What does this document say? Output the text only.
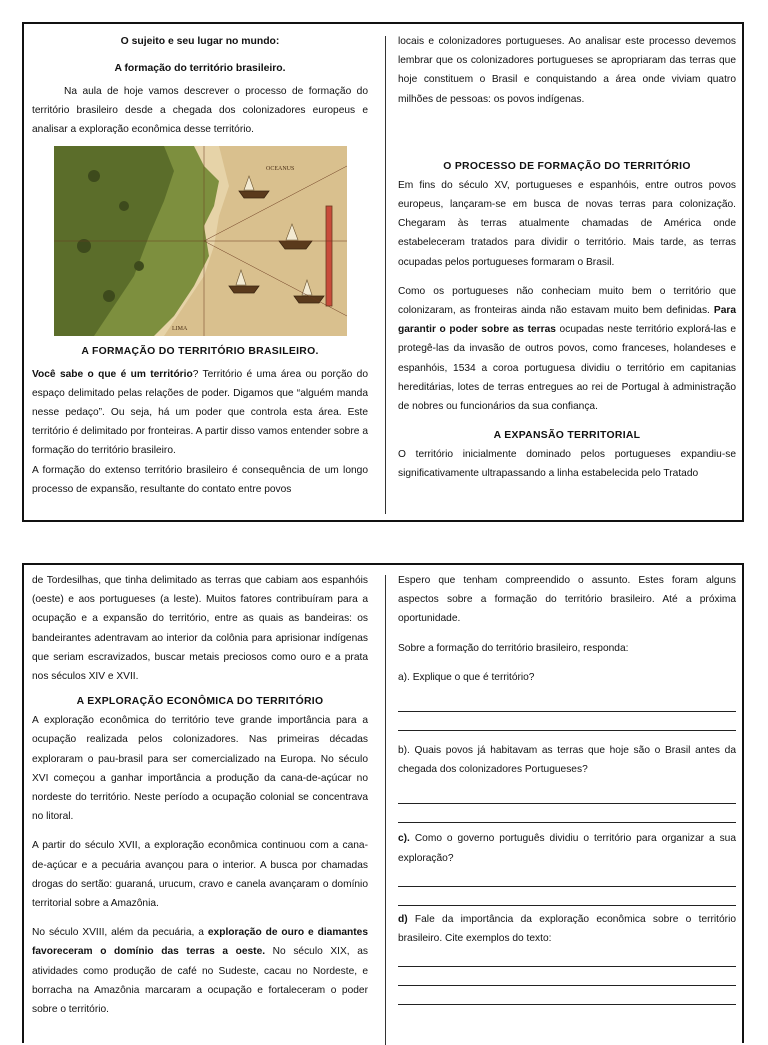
O sujeito e seu lugar no mundo:

A formação do território brasileiro.

Na aula de hoje vamos descrever o processo de formação do território brasileiro desde a chegada dos colonizadores europeus e analisar a exploração econômica desse território.

OCEANUS
LIMA

A FORMAÇÃO DO TERRITÓRIO BRASILEIRO.

Você sabe o que é um território? Território é uma área ou porção do espaço delimitado pelas relações de poder. Digamos que “alguém manda nesse pedaço”. Ou seja, há um poder que controla esta área. Este território é delimitado por fronteiras. A partir disso vamos entender sobre a formação do território brasileiro.

A formação do extenso território brasileiro é consequência de um longo processo de expansão, resultante do contato entre povos

locais e colonizadores portugueses. Ao analisar este processo devemos lembrar que os colonizadores portugueses se apropriaram das terras que hoje constituem o Brasil e conquistando a área onde viviam quatro milhões de pessoas: os povos indígenas.

O PROCESSO DE FORMAÇÃO DO TERRITÓRIO

Em fins do século XV, portugueses e espanhóis, entre outros povos europeus, lançaram-se em busca de novas terras para colonização. Chegaram às terras atualmente chamadas de América onde estabeleceram tratados para dividir o território. Mais tarde, as terras ocupadas pelos portugueses formaram o Brasil.

Como os portugueses não conheciam muito bem o território que colonizaram, as fronteiras ainda não estavam muito bem definidas. Para garantir o poder sobre as terras ocupadas neste território explorá-las e protegê-las da invasão de outros povos, como franceses, holandeses e espanhóis, 1534 a coroa portuguesa dividiu o território em capitanias hereditárias, lotes de terras entregues ao rei de Portugal à administração de nobres ou funcionários da sua confiança.

A EXPANSÃO TERRITORIAL

O território inicialmente dominado pelos portugueses expandiu-se significativamente ultrapassando a linha estabelecida pelo Tratado

de Tordesilhas, que tinha delimitado as terras que cabiam aos espanhóis (oeste) e aos portugueses (a leste). Muitos fatores contribuíram para a ocupação e a expansão do território, entre as quais as bandeiras: os bandeirantes adentravam ao interior da colônia para aprisionar indígenas que seriam escravizados, buscar metais preciosos como ouro e a prata nos séculos XIV e XVII.

A EXPLORAÇÃO ECONÔMICA DO TERRITÓRIO

A exploração econômica do território teve grande importância para a ocupação realizada pelos colonizadores. Nas primeiras décadas exploraram o pau-brasil para ser comercializado na Europa. No século XVI começou a ganhar importância a produção da cana-de-açúcar no nordeste do território. Neste período a ocupação colonial se concentrava no litoral.

A partir do século XVII, a exploração econômica continuou com a cana-de-açúcar e a pecuária avançou para o interior. A busca por chamadas drogas do sertão: guaraná, urucum, cravo e canela avançaram o domínio territorial sobre a Amazônia.

No século XVIII, além da pecuária, a exploração de ouro e diamantes favoreceram o domínio das terras a oeste. No século XIX, as atividades como produção de café no Sudeste, cacau no Nordeste, e borracha na Amazônia marcaram a ocupação e fortaleceram o poder sobre o território.

Espero que tenham compreendido o assunto. Estes foram alguns aspectos sobre a formação do território brasileiro. Até a próxima oportunidade.

Sobre a formação do território brasileiro, responda:

a). Explique o que é território?

b). Quais povos já habitavam as terras que hoje são o Brasil antes da chegada dos colonizadores Portugueses?

c). Como o governo português dividiu o território para organizar a sua exploração?

d) Fale da importância da exploração econômica sobre o território brasileiro. Cite exemplos do texto:
